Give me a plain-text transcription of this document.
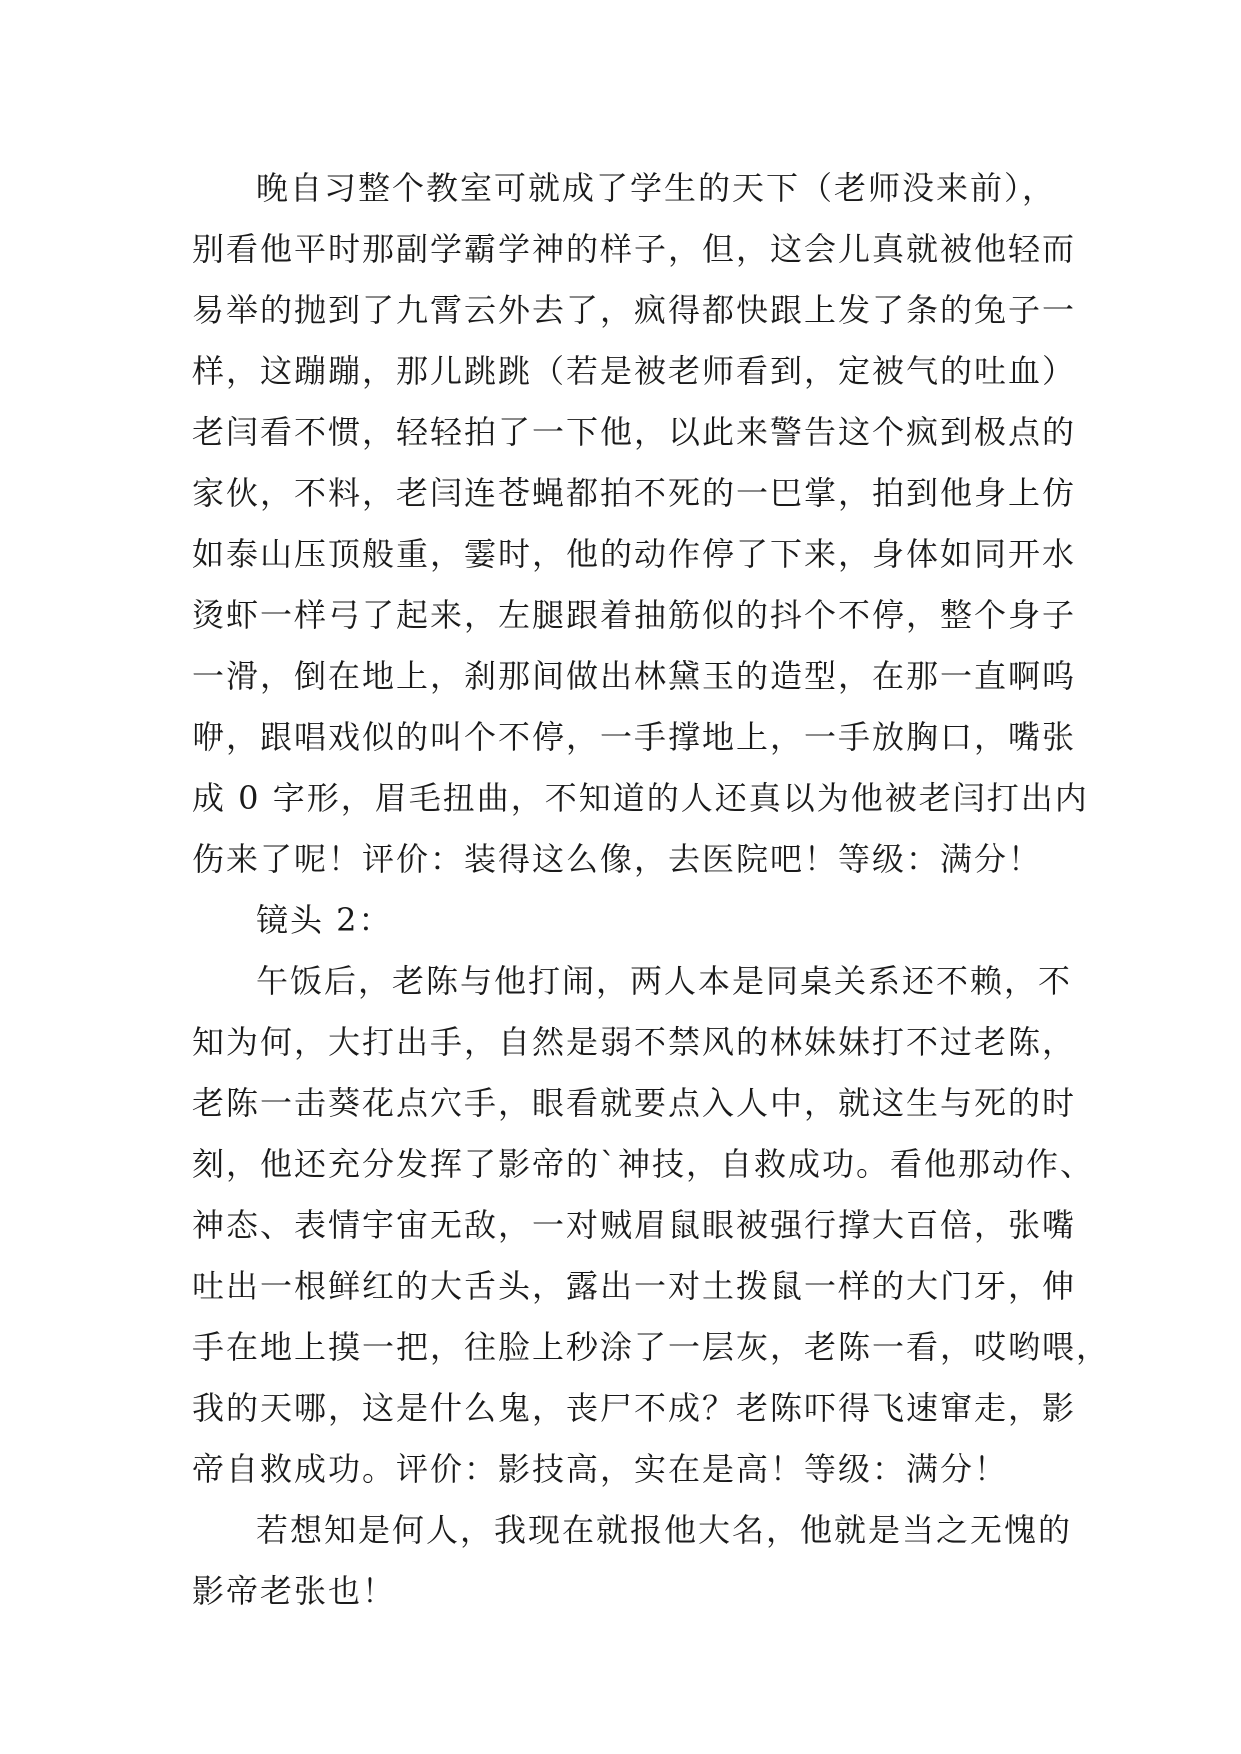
晚自习整个教室可就成了学生的天下（老师没来前），
别看他平时那副学霸学神的样子，但，这会儿真就被他轻而
易举的抛到了九霄云外去了，疯得都快跟上发了条的兔子一
样，这蹦蹦，那儿跳跳（若是被老师看到，定被气的吐血）
老闫看不惯，轻轻拍了一下他，以此来警告这个疯到极点的
家伙，不料，老闫连苍蝇都拍不死的一巴掌，拍到他身上仿
如泰山压顶般重，霎时，他的动作停了下来，身体如同开水
烫虾一样弓了起来，左腿跟着抽筋似的抖个不停，整个身子
一滑，倒在地上，刹那间做出林黛玉的造型，在那一直啊呜
咿，跟唱戏似的叫个不停，一手撑地上，一手放胸口，嘴张
成 0 字形，眉毛扭曲，不知道的人还真以为他被老闫打出内
伤来了呢！评价：装得这么像，去医院吧！等级：满分！
镜头 2：
午饭后，老陈与他打闹，两人本是同桌关系还不赖，不
知为何，大打出手，自然是弱不禁风的林妹妹打不过老陈，
老陈一击葵花点穴手，眼看就要点入人中，就这生与死的时
刻，他还充分发挥了影帝的`神技，自救成功。看他那动作、
神态、表情宇宙无敌，一对贼眉鼠眼被强行撑大百倍，张嘴
吐出一根鲜红的大舌头，露出一对土拨鼠一样的大门牙，伸
手在地上摸一把，往脸上秒涂了一层灰，老陈一看，哎哟喂，
我的天哪，这是什么鬼，丧尸不成？老陈吓得飞速窜走，影
帝自救成功。评价：影技高，实在是高！等级：满分！
若想知是何人，我现在就报他大名，他就是当之无愧的
影帝老张也！
